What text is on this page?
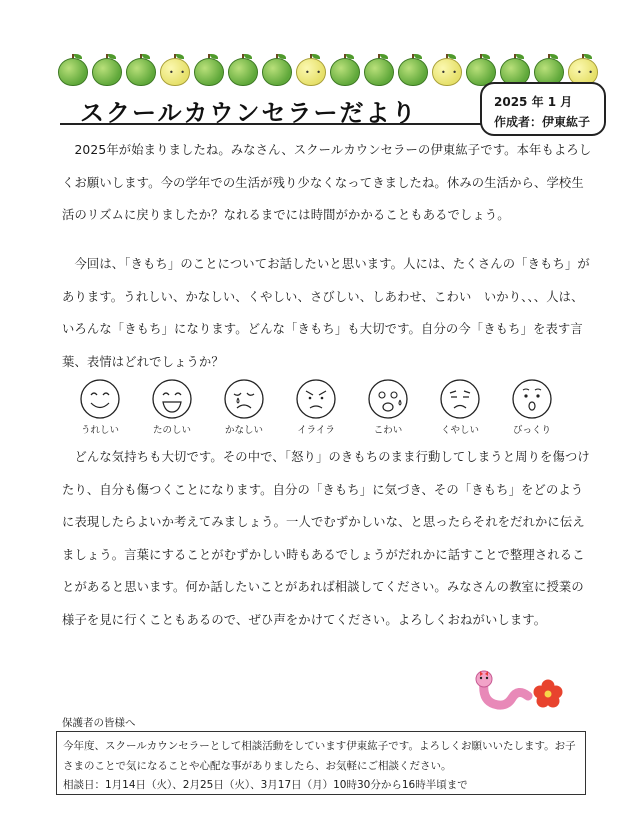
• •	• •	• •	• •
スクールカウンセラーだより	2025 年 1 月
作成者：伊東紘子
　2025年が始まりましたね。みなさん、スクールカウンセラーの伊東紘子です。本年もよろしくお願いします。今の学年での生活が残り少なくなってきましたね。休みの生活から、学校生活のリズムに戻りましたか？なれるまでには時間がかかることもあるでしょう。
　今回は、「きもち」のことについてお話したいと思います。人には、たくさんの「きもち」があります。うれしい、かなしい、くやしい、さびしい、しあわせ、こわい　いかり、、、人は、いろんな「きもち」になります。どんな「きもち」も大切です。自分の今「きもち」を表す言葉、表情はどれでしょうか？
うれしい	たのしい	かなしい	イライラ	こわい	くやしい	びっくり
　どんな気持ちも大切です。その中で、「怒り」のきもちのまま行動してしまうと周りを傷つけたり、自分も傷つくことになります。自分の「きもち」に気づき、その「きもち」をどのように表現したらよいか考えてみましょう。一人でむずかしいな、と思ったらそれをだれかに伝えましょう。言葉にすることがむずかしい時もあるでしょうがだれかに話すことで整理されることがあると思います。何か話したいことがあれば相談してください。みなさんの教室に授業の様子を見に行くこともあるので、ぜひ声をかけてください。よろしくおねがいします。
保護者の皆様へ
今年度、スクールカウンセラーとして相談活動をしています伊東紘子です。よろしくお願いいたします。お子さまのことで気になることや心配な事がありましたら、お気軽にご相談ください。
相談日：1月14日（火）、2月25日（火）、3月17日（月）10時30分から16時半頃まで
